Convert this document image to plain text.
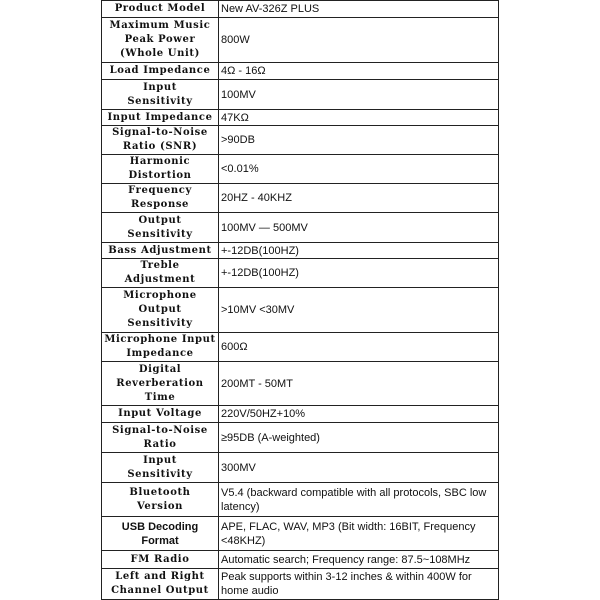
Product Model	New AV-326Z PLUS

Maximum Music
Peak Power
(Whole Unit)	800W

Load Impedance	4Ω - 16Ω

Input
Sensitivity	100MV

Input Impedance	47KΩ

Signal-to-Noise
Ratio (SNR)	>90DB

Harmonic
Distortion	<0.01%

Frequency
Response	20HZ - 40KHZ

Output
Sensitivity	100MV — 500MV

Bass Adjustment	+-12DB(100HZ)

Treble
Adjustment	+-12DB(100HZ)

Microphone
Output
Sensitivity	>10MV <30MV

Microphone Input
Impedance	600Ω

Digital
Reverberation
Time	200MT - 50MT

Input Voltage	220V/50HZ+10%

Signal-to-Noise
Ratio	≥95DB (A-weighted)

Input
Sensitivity	300MV

Bluetooth
Version	V5.4 (backward compatible with all protocols, SBC low latency)

USB Decoding
Format	APE, FLAC, WAV, MP3 (Bit width: 16BIT, Frequency <48KHZ)

FM Radio	Automatic search; Frequency range: 87.5~108MHz

Left and Right
Channel Output	Peak supports within 3-12 inches & within 400W for home audio
